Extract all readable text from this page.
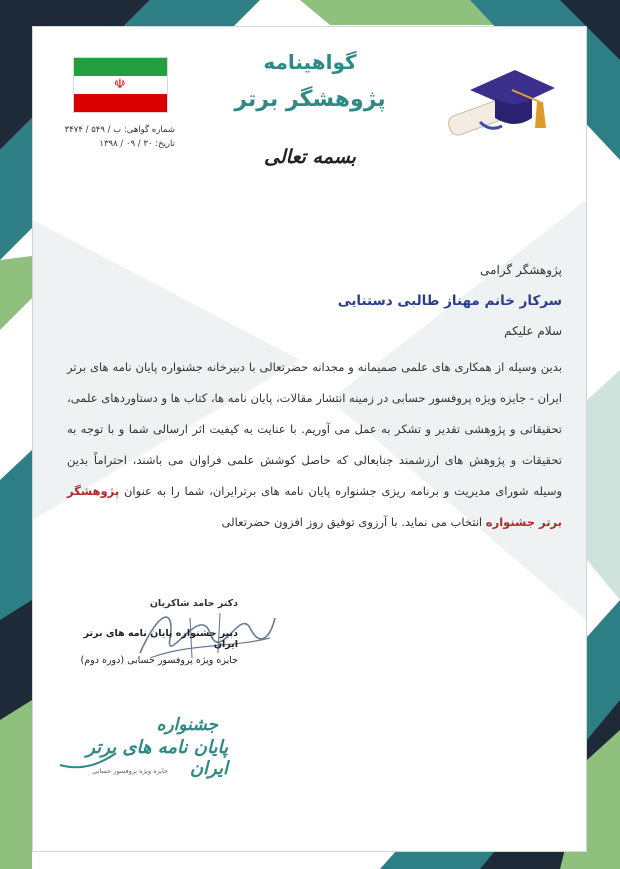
☫
گواهینامه
پژوهشگر برتر
شماره گواهی: ب / ۵۴۹ / ۳۴۷۴
تاریخ: ۳۰ / ۰۹ / ۱۳۹۸
بسمه تعالی
پژوهشگر گرامی
سرکار خانم مهناز طالبی دستنایی
سلام علیکم
بدین وسیله از همکاری های علمی صمیمانه و مجدانه حضرتعالی با دبیرخانه جشنواره پایان نامه های برتر ایران - جایزه ویژه پروفسور حسابی در زمینه انتشار مقالات، پایان نامه ها، کتاب ها و دستاوردهای علمی، تحقیقاتی و پژوهشی تقدیر و تشکر به عمل می آوریم. با عنایت به کیفیت اثر ارسالی شما و با توجه به تحقیقات و پژوهش های ارزشمند جنابعالی که حاصل کوشش علمی فراوان می باشند، احتراماً بدین وسیله شورای مدیریت و برنامه ریزی جشنواره پایان نامه های برترایران، شما را به عنوان پژوهشگر برتر جشنواره انتخاب می نماید. با آرزوی توفیق روز افزون حضرتعالی
دکتر حامد شاکریان
دبیر جشنواره پایان نامه های برتر ایران
جایزه ویژه پروفسور حسابی (دوره دوم)
جشنواره
پایان نامه های برتر ایران
جایزه ویژه پروفسور حسابی
